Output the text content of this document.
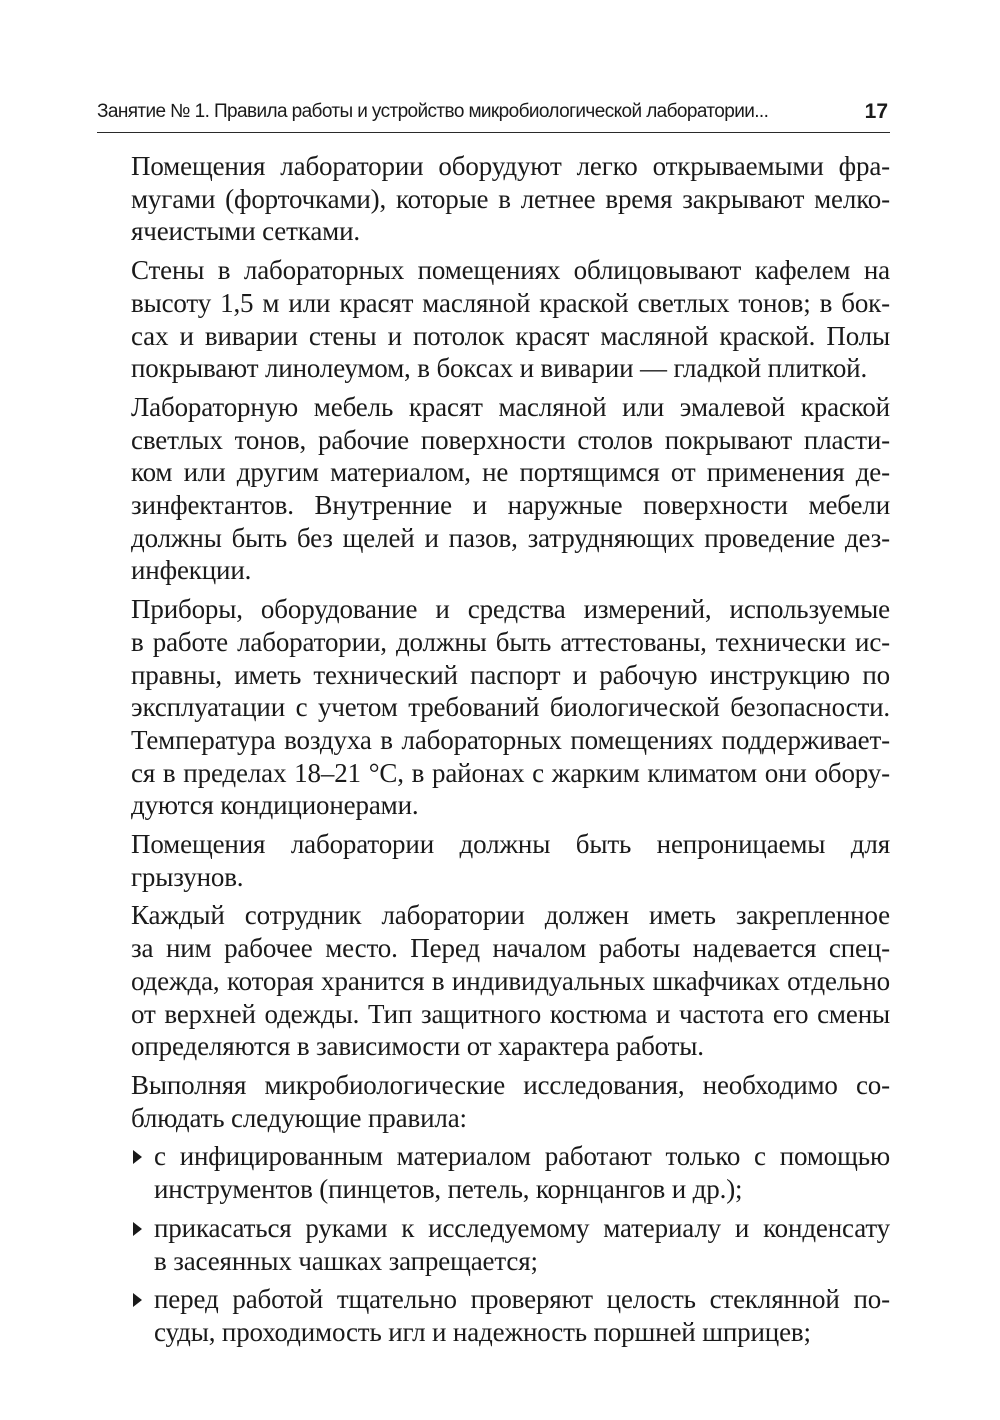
Занятие № 1. Правила работы и устройство микробиологической лаборатории...	17

Помещения лаборатории оборудуют легко открываемыми фра-
мугами (форточками), которые в летнее время закрывают мелко-
ячеистыми сетками.

Стены в лабораторных помещениях облицовывают кафелем на
высоту 1,5 м или красят масляной краской светлых тонов; в бок-
сах и виварии стены и потолок красят масляной краской. Полы
покрывают линолеумом, в боксах и виварии — гладкой плиткой.

Лабораторную мебель красят масляной или эмалевой краской
светлых тонов, рабочие поверхности столов покрывают пласти-
ком или другим материалом, не портящимся от применения де-
зинфектантов. Внутренние и наружные поверхности мебели
должны быть без щелей и пазов, затрудняющих проведение дез-
инфекции.

Приборы, оборудование и средства измерений, используемые
в работе лаборатории, должны быть аттестованы, технически ис-
правны, иметь технический паспорт и рабочую инструкцию по
эксплуатации с учетом требований биологической безопасности.
Температура воздуха в лабораторных помещениях поддерживает-
ся в пределах 18–21 °С, в районах с жарким климатом они обору-
дуются кондиционерами.

Помещения лаборатории должны быть непроницаемы для
грызунов.

Каждый сотрудник лаборатории должен иметь закрепленное
за ним рабочее место. Перед началом работы надевается спец-
одежда, которая хранится в индивидуальных шкафчиках отдельно
от верхней одежды. Тип защитного костюма и частота его смены
определяются в зависимости от характера работы.

Выполняя микробиологические исследования, необходимо со-
блюдать следующие правила:

с инфицированным материалом работают только с помощью
инструментов (пинцетов, петель, корнцангов и др.);
прикасаться руками к исследуемому материалу и конденсату
в засеянных чашках запрещается;
перед работой тщательно проверяют целость стеклянной по-
суды, проходимость игл и надежность поршней шприцев;
